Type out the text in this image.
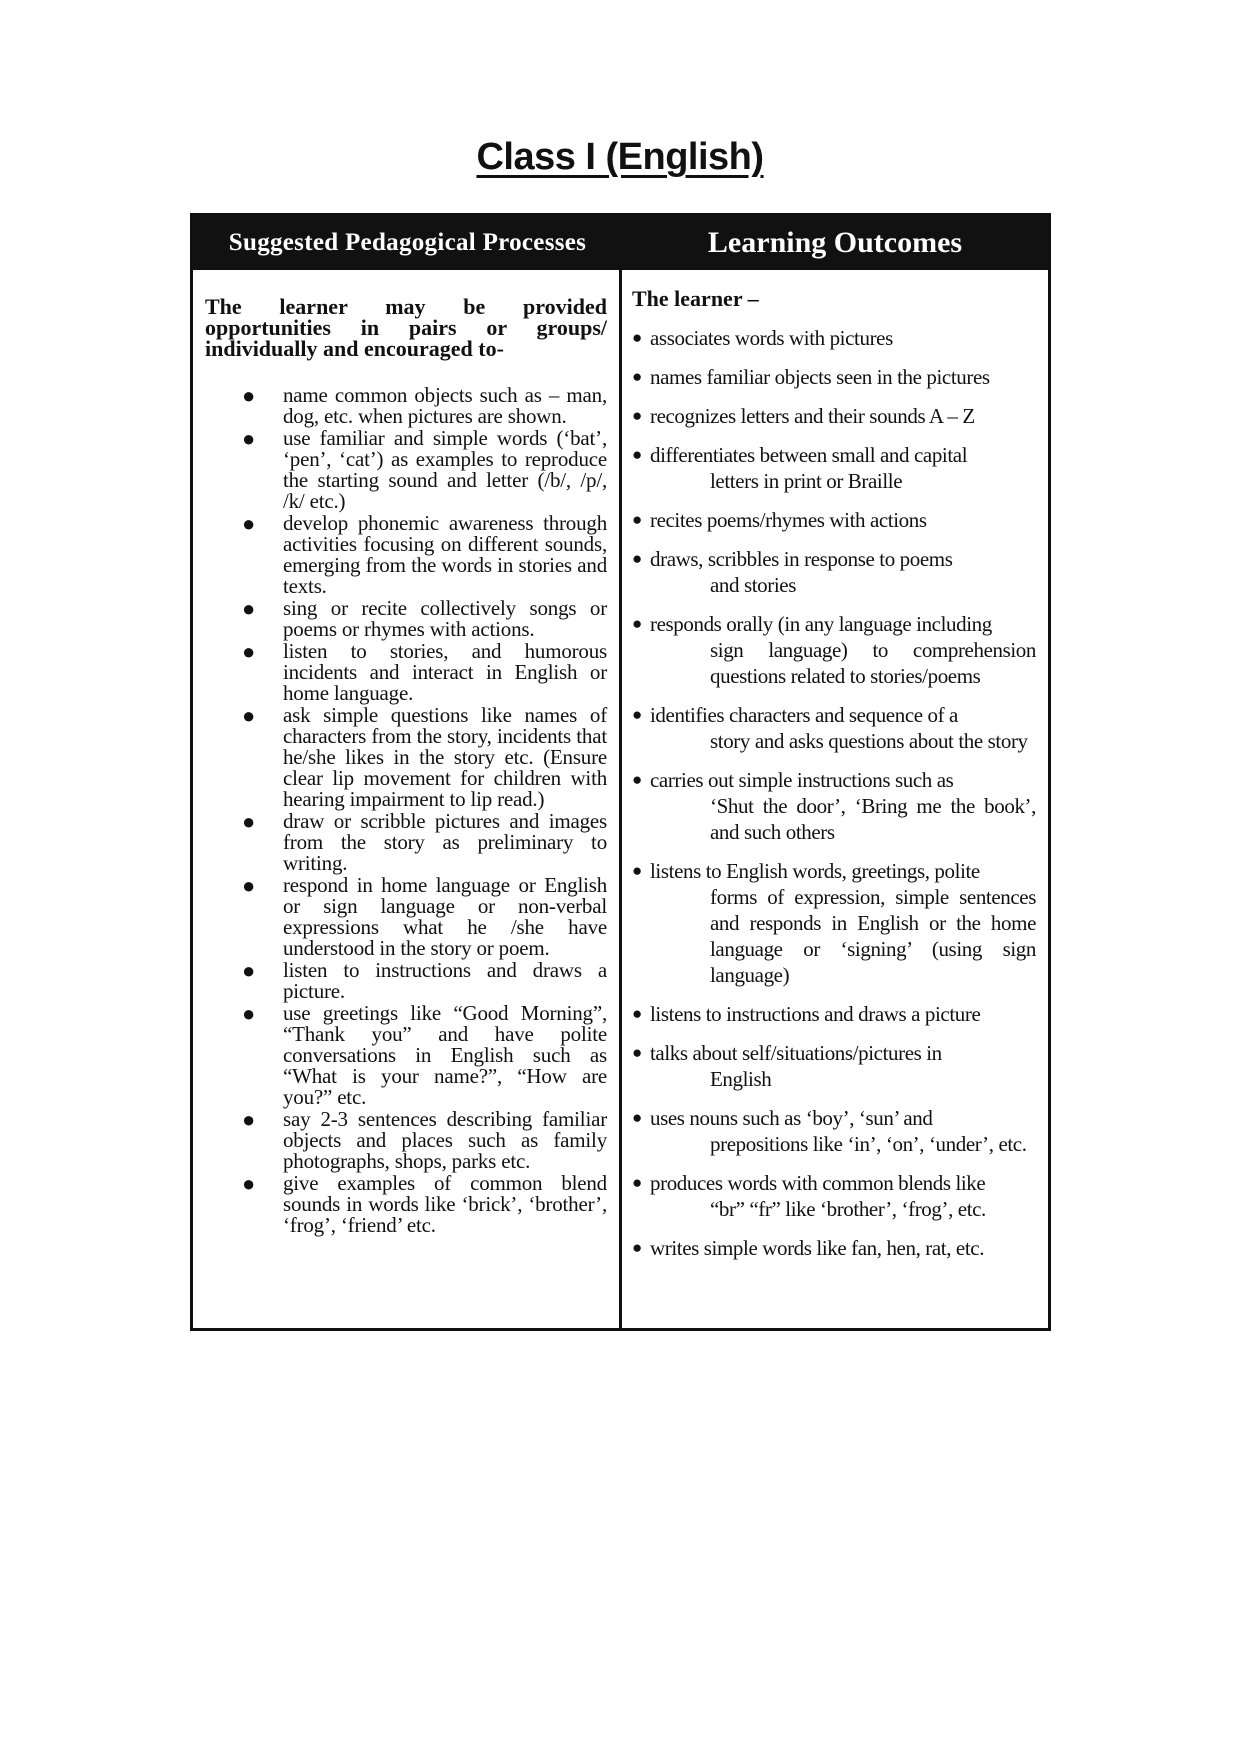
Class I (English)
Suggested Pedagogical Processes	Learning Outcomes

The learner may be provided opportunities in pairs or groups/ individually and encouraged to-

● name common objects such as – man, dog, etc. when pictures are shown.
● use familiar and simple words (‘bat’, ‘pen’, ‘cat’) as examples to reproduce the starting sound and letter (/b/, /p/, /k/ etc.)
● develop phonemic awareness through activities focusing on different sounds, emerging from the words in stories and texts.
● sing or recite collectively songs or poems or rhymes with actions.
● listen to stories, and humorous incidents and interact in English or home language.
● ask simple questions like names of characters from the story, incidents that he/she likes in the story etc. (Ensure clear lip movement for children with hearing impairment to lip read.)
● draw or scribble pictures and images from the story as preliminary to writing.
● respond in home language or English or sign language or non-verbal expressions what he /she have understood in the story or poem.
● listen to instructions and draws a picture.
● use greetings like “Good Morning”, “Thank you” and have polite conversations in English such as “What is your name?”, “How are you?” etc.
● say 2-3 sentences describing familiar objects and places such as family photographs, shops, parks etc.
● give examples of common blend sounds in words like ‘brick’, ‘brother’, ‘frog’, ‘friend’ etc.
The learner –
● associates words with pictures
● names familiar objects seen in the pictures
● recognizes letters and their sounds A – Z
● differentiates between small and capital
letters in print or Braille
● recites poems/rhymes with actions
● draws, scribbles in response to poems
and stories
● responds orally (in any language including
sign language) to comprehension questions related to stories/poems
● identifies characters and sequence of a
story and asks questions about the story
● carries out simple instructions such as
‘Shut the door’, ‘Bring me the book’, and such others
● listens to English words, greetings, polite
forms of expression, simple sentences and responds in English or the home language or ‘signing’ (using sign language)
● listens to instructions and draws a picture
● talks about self/situations/pictures in
English
● uses nouns such as ‘boy’, ‘sun’ and
prepositions like ‘in’, ‘on’, ‘under’, etc.
● produces words with common blends like
“br” “fr” like ‘brother’, ‘frog’, etc.
● writes simple words like fan, hen, rat, etc.
